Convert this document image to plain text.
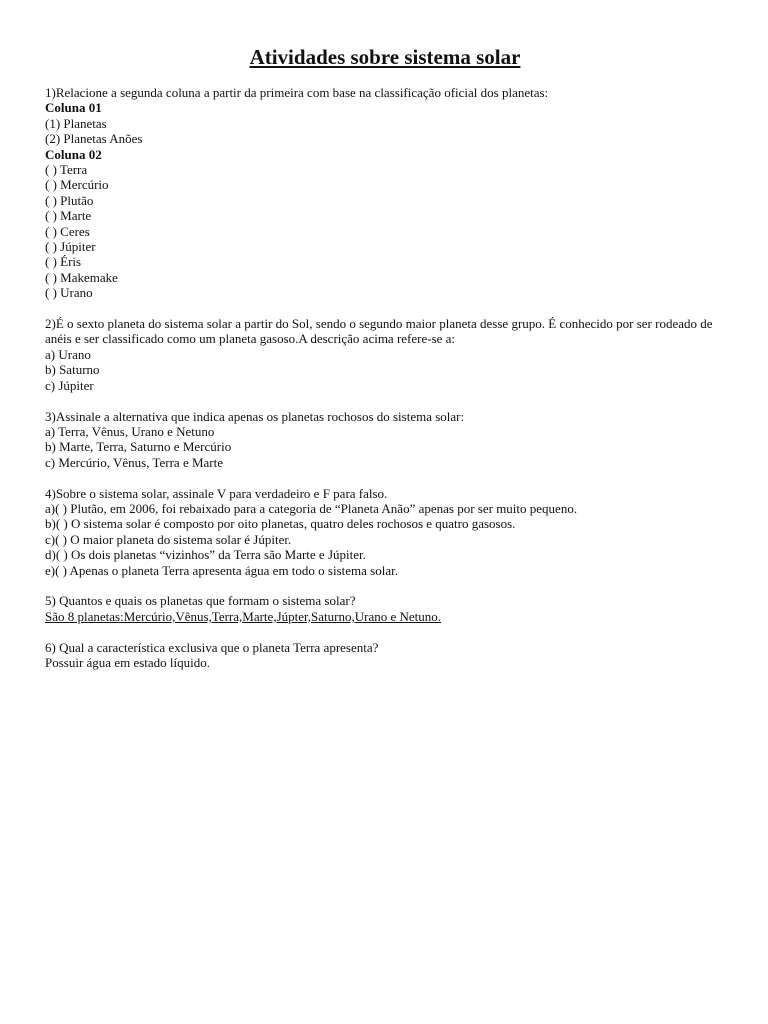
Atividades sobre sistema solar
1)Relacione a segunda coluna a partir da primeira com base na classificação oficial dos planetas:
Coluna 01
(1) Planetas
(2) Planetas Anões
Coluna 02
( ) Terra
( ) Mercúrio
( ) Plutão
( ) Marte
( ) Ceres
( ) Júpiter
( ) Éris
( ) Makemake
( ) Urano
2)É o sexto planeta do sistema solar a partir do Sol, sendo o segundo maior planeta desse grupo. É conhecido por ser rodeado de anéis e ser classificado como um planeta gasoso.A descrição acima refere-se a:
a) Urano
b) Saturno
c) Júpiter
3)Assinale a alternativa que indica apenas os planetas rochosos do sistema solar:
a) Terra, Vênus, Urano e Netuno
b) Marte, Terra, Saturno e Mercúrio
c) Mercúrio, Vênus, Terra e Marte
4)Sobre o sistema solar, assinale V para verdadeiro e F para falso.
a)( ) Plutão, em 2006, foi rebaixado para a categoria de “Planeta Anão” apenas por ser muito pequeno.
b)( ) O sistema solar é composto por oito planetas, quatro deles rochosos e quatro gasosos.
c)( ) O maior planeta do sistema solar é Júpiter.
d)( ) Os dois planetas “vizinhos” da Terra são Marte e Júpiter.
e)( ) Apenas o planeta Terra apresenta água em todo o sistema solar.
5) Quantos e quais os planetas que formam o sistema solar?
São 8 planetas:Mercúrio,Vênus,Terra,Marte,Júpter,Saturno,Urano e Netuno.
6) Qual a característica exclusiva que o planeta Terra apresenta?
Possuir água em estado líquido.
